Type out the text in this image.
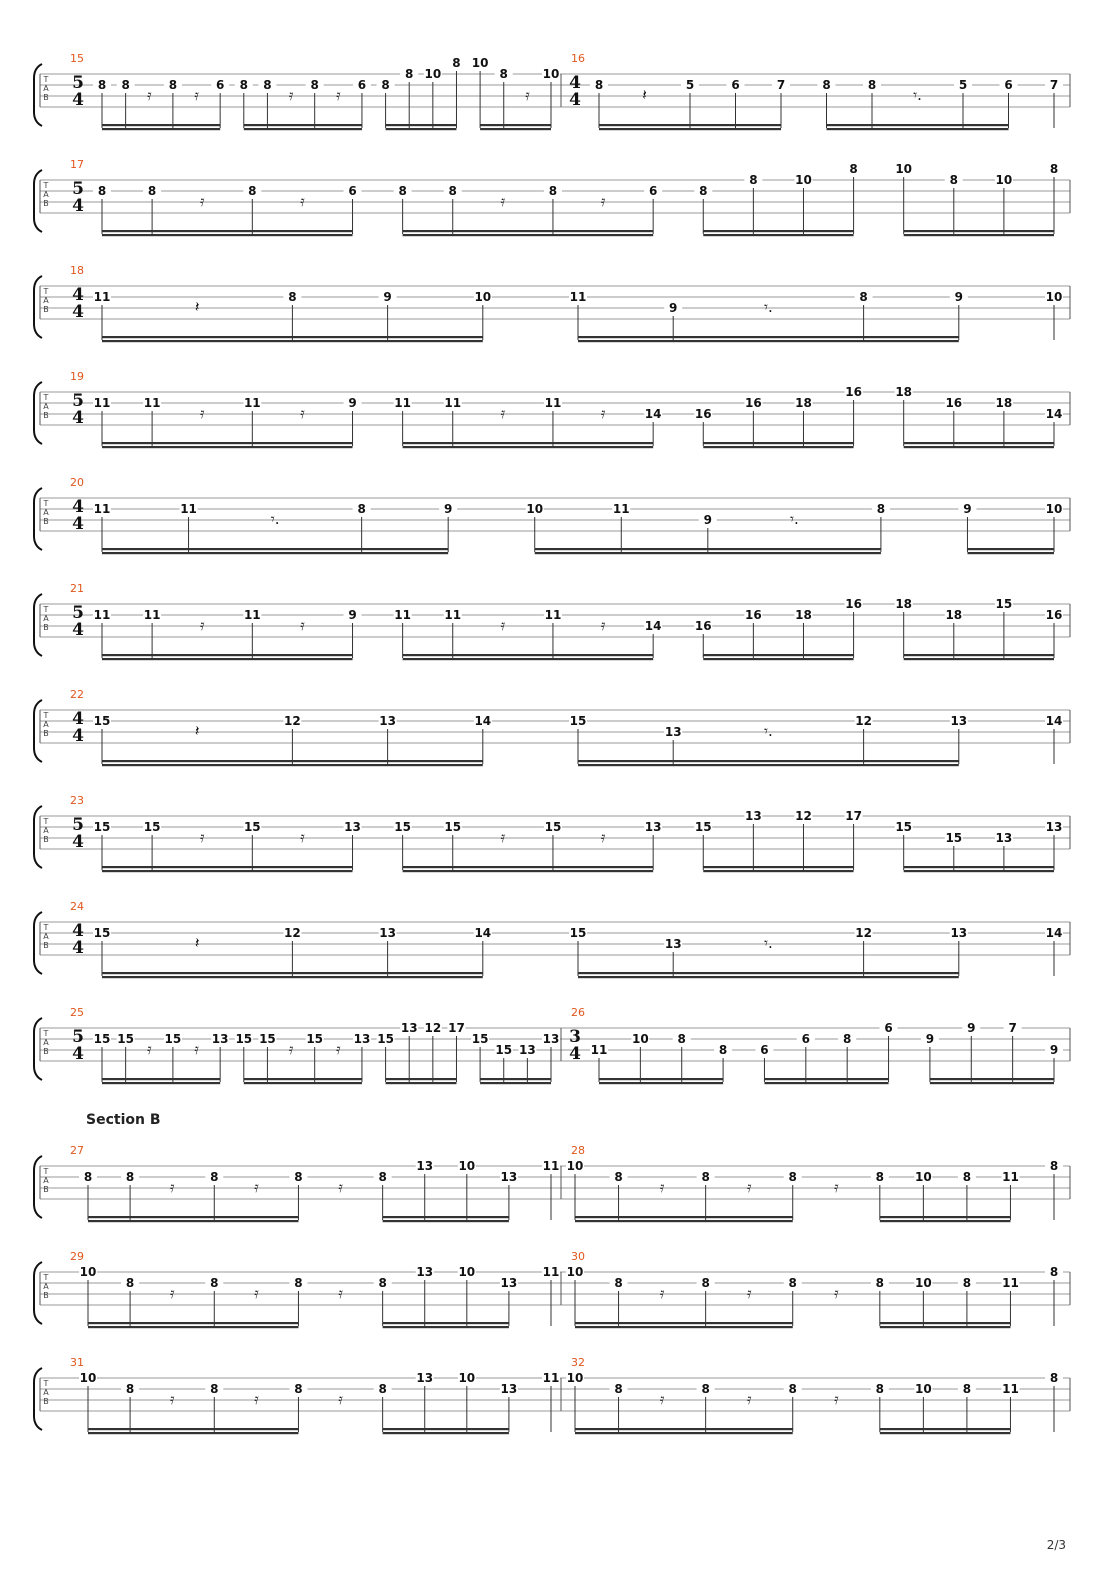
T
A
B
15
5
4
8 8
𝄿
8
𝄿
6 8 8
𝄿
8
𝄿
6 8
8 10
8 10
8
𝄿
10
16
4
4
8
𝄽
5	6	7	8	8
𝄾.
5	6	7
T
A
B
17
5
4
8	8
𝄿
8
𝄿
6	8	8
𝄿
8
𝄿
6	8
8	10
8	10
8	10
8
T
A
B
18
4
4
11
𝄽
8	9	10	11
9	𝄾.
8	9	10
T
A
B
19
5
4
11	11
𝄿
11
𝄿
9	11	11
𝄿
11
𝄿	14	16
16	18
16	18
16	18
14
T
A
B
20
4
4
11	11
𝄾.
8	9	10	11
9	𝄾.
8	9	10
T
A
B
21
5
4
11	11
𝄿
11
𝄿
9	11	11
𝄿
11
𝄿	14	16
16	18
16	18
18
15
16
T
A
B
22
4
4
15
𝄽
12	13	14	15
13	𝄾.
12	13	14
T
A
B
23
5
4
15	15
𝄿
15
𝄿
13	15	15
𝄿
15
𝄿
13	15
13	12	17
15
15	13
13
T
A
B
24
4
4
15
𝄽
12	13	14	15
13	𝄾.
12	13	14
T
A
B
25
5
4
15 15
𝄿
15
𝄿
13 15 15
𝄿
15
𝄿
13 15
13 12 17
15
15 13
13
26
3
4 11
10 8
8	6
6	8
6
9
9	7
9
T
A
B
27
8	8
𝄿
8
𝄿
8
𝄿
8
13 10
13
11
28
10
8
𝄿
8
𝄿
8
𝄿
8	10	8	11
8
T
A
B
29
10
8
𝄿
8
𝄿
8
𝄿
8
13 10
13
11
30
10
8
𝄿
8
𝄿
8
𝄿
8	10	8	11
8
T
A
B
31
10
8
𝄿
8
𝄿
8
𝄿
8
13 10
13
11
32
10
8
𝄿
8
𝄿
8
𝄿
8	10	8	11
8
Section B
2/3
